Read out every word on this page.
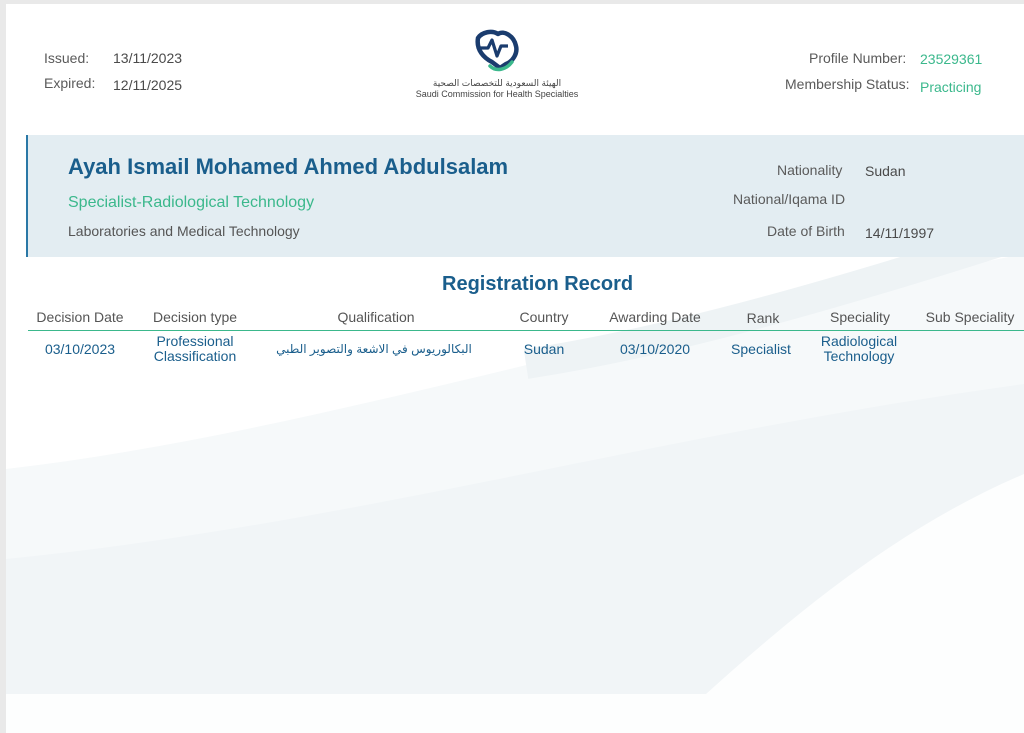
Issued: 13/11/2023
Expired: 12/11/2025	الهيئة السعودية للتخصصات الصحية
Saudi Commission for Health Specialties
Profile Number: 23529361
Membership Status: Practicing
Ayah Ismail Mohamed Ahmed Abdulsalam
Specialist-Radiological Technology
Laboratories and Medical Technology
Nationality Sudan
National/Iqama ID
Date of Birth 14/11/1997
Registration Record
Decision Date	Decision type	Qualification	Country	Awarding Date	Rank	Speciality	Sub Speciality
03/10/2023	Professional Classification	البكالوريوس في الاشعة والتصوير الطبي	Sudan	03/10/2020	Specialist	Radiological Technology
